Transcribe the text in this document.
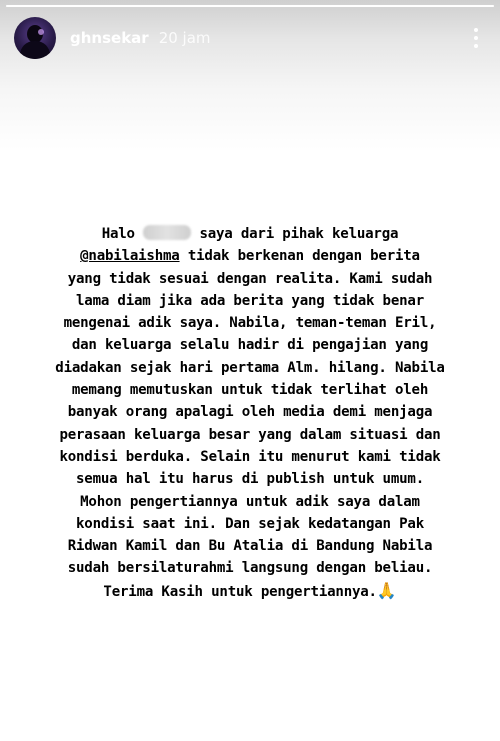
ghnsekar 20 jam
Halo	saya dari pihak keluarga
@nabilaishma tidak berkenan dengan berita
yang tidak sesuai dengan realita. Kami sudah
lama diam jika ada berita yang tidak benar
mengenai adik saya. Nabila, teman-teman Eril,
dan keluarga selalu hadir di pengajian yang
diadakan sejak hari pertama Alm. hilang. Nabila
memang memutuskan untuk tidak terlihat oleh
banyak orang apalagi oleh media demi menjaga
perasaan keluarga besar yang dalam situasi dan
kondisi berduka. Selain itu menurut kami tidak
semua hal itu harus di publish untuk umum.
Mohon pengertiannya untuk adik saya dalam
kondisi saat ini. Dan sejak kedatangan Pak
Ridwan Kamil dan Bu Atalia di Bandung Nabila
sudah bersilaturahmi langsung dengan beliau.
Terima Kasih untuk pengertiannya.🙏
